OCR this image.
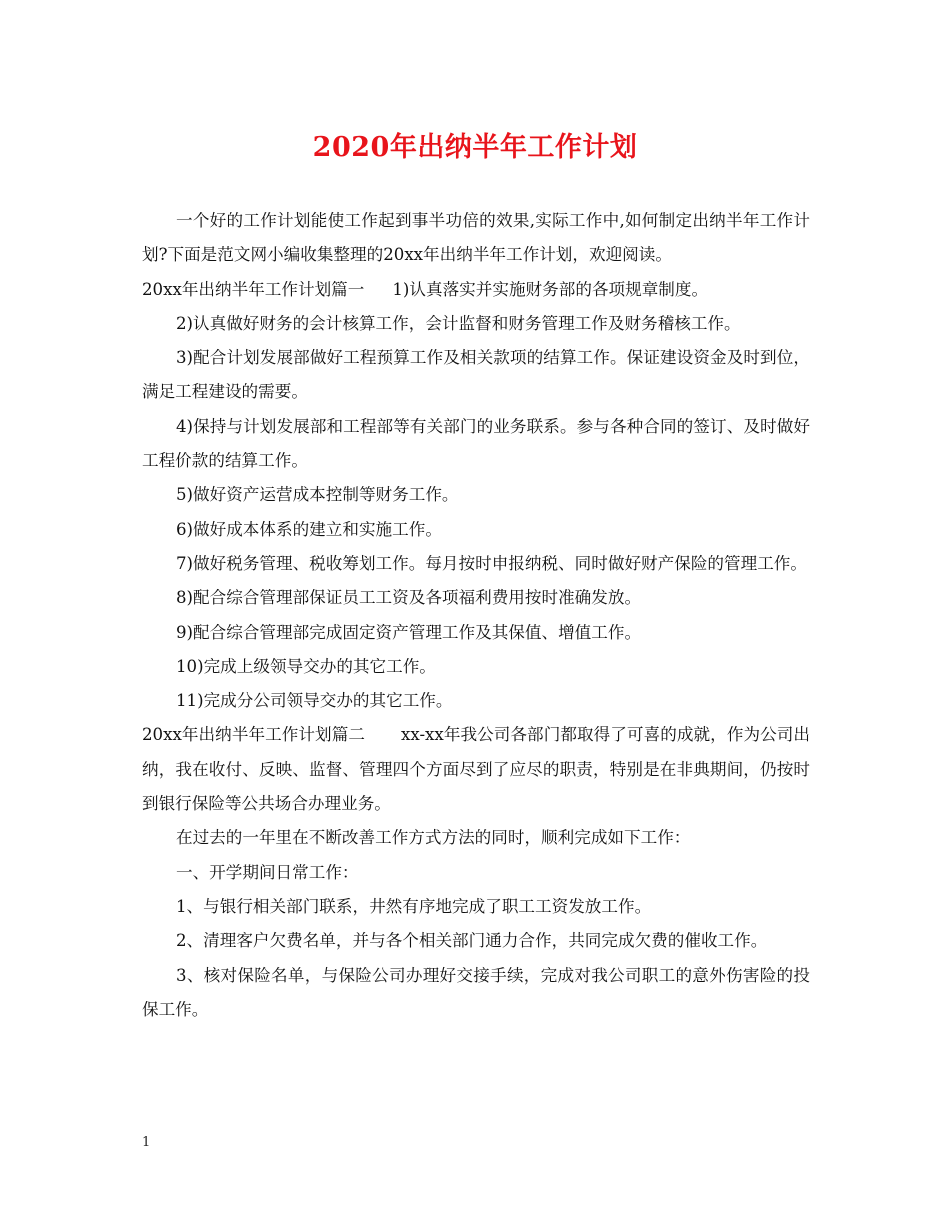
2020年出纳半年工作计划

一个好的工作计划能使工作起到事半功倍的效果,实际工作中,如何制定出纳半年工作计划?下面是范文网小编收集整理的20xx年出纳半年工作计划，欢迎阅读。

20xx年出纳半年工作计划篇一 1)认真落实并实施财务部的各项规章制度。

2)认真做好财务的会计核算工作，会计监督和财务管理工作及财务稽核工作。

3)配合计划发展部做好工程预算工作及相关款项的结算工作。保证建设资金及时到位，满足工程建设的需要。

4)保持与计划发展部和工程部等有关部门的业务联系。参与各种合同的签订、及时做好工程价款的结算工作。

5)做好资产运营成本控制等财务工作。

6)做好成本体系的建立和实施工作。

7)做好税务管理、税收筹划工作。每月按时申报纳税、同时做好财产保险的管理工作。

8)配合综合管理部保证员工工资及各项福利费用按时准确发放。

9)配合综合管理部完成固定资产管理工作及其保值、增值工作。

10)完成上级领导交办的其它工作。

11)完成分公司领导交办的其它工作。

20xx年出纳半年工作计划篇二 xx-xx年我公司各部门都取得了可喜的成就，作为公司出纳，我在收付、反映、监督、管理四个方面尽到了应尽的职责，特别是在非典期间，仍按时到银行保险等公共场合办理业务。

在过去的一年里在不断改善工作方式方法的同时，顺利完成如下工作：

一、开学期间日常工作：

1、与银行相关部门联系，井然有序地完成了职工工资发放工作。

2、清理客户欠费名单，并与各个相关部门通力合作，共同完成欠费的催收工作。

3、核对保险名单，与保险公司办理好交接手续，完成对我公司职工的意外伤害险的投保工作。

1
